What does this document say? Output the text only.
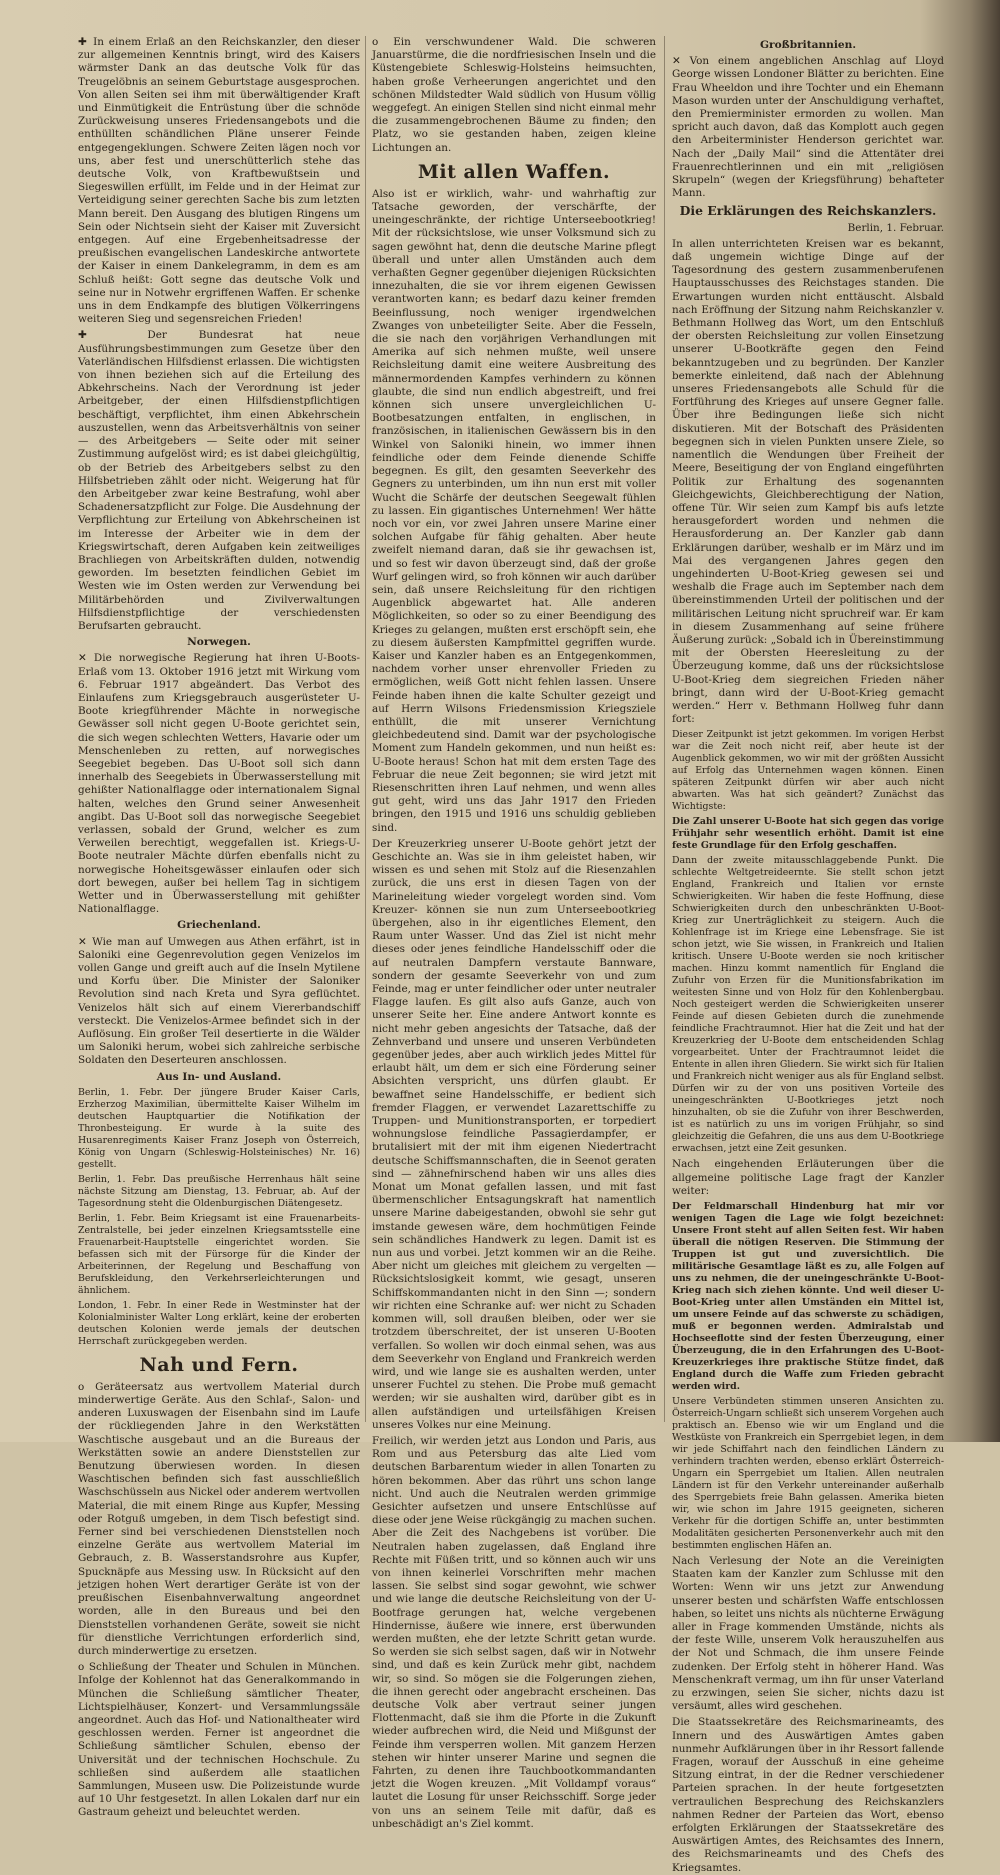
✚ In einem Erlaß an den Reichskanzler, den dieser zur allgemeinen Kenntnis bringt, wird des Kaisers wärmster Dank an das deutsche Volk für das Treugelöbnis an seinem Geburtstage ausgesprochen. Von allen Seiten sei ihm mit überwältigender Kraft und Einmütigkeit die Entrüstung über die schnöde Zurückweisung unseres Friedensangebots und die enthüllten schändlichen Pläne unserer Feinde entgegengeklungen. Schwere Zeiten lägen noch vor uns, aber fest und unerschütterlich stehe das deutsche Volk, von Kraftbewußtsein und Siegeswillen erfüllt, im Felde und in der Heimat zur Verteidigung seiner gerechten Sache bis zum letzten Mann bereit. Den Ausgang des blutigen Ringens um Sein oder Nichtsein sieht der Kaiser mit Zuversicht entgegen. Auf eine Ergebenheitsadresse der preußischen evangelischen Landeskirche antwortete der Kaiser in einem Dankelegramm, in dem es am Schluß heißt: Gott segne das deutsche Volk und seine nur in Notwehr ergriffenen Waffen. Er schenke uns in dem Endkampfe des blutigen Völkerringens weiteren Sieg und segensreichen Frieden!

✚ Der Bundesrat hat neue Ausführungsbestimmungen zum Gesetze über den Vaterländischen Hilfsdienst erlassen. Die wichtigsten von ihnen beziehen sich auf die Erteilung des Abkehrscheins. Nach der Verordnung ist jeder Arbeitgeber, der einen Hilfsdienstpflichtigen beschäftigt, verpflichtet, ihm einen Abkehrschein auszustellen, wenn das Arbeitsverhältnis von seiner — des Arbeitgebers — Seite oder mit seiner Zustimmung aufgelöst wird; es ist dabei gleichgültig, ob der Betrieb des Arbeitgebers selbst zu den Hilfsbetrieben zählt oder nicht. Weigerung hat für den Arbeitgeber zwar keine Bestrafung, wohl aber Schadenersatzpflicht zur Folge. Die Ausdehnung der Verpflichtung zur Erteilung von Abkehrscheinen ist im Interesse der Arbeiter wie in dem der Kriegswirtschaft, deren Aufgaben kein zeitweiliges Brachliegen von Arbeitskräften dulden, notwendig geworden. Im besetzten feindlichen Gebiet im Westen wie im Osten werden zur Verwendung bei Militärbehörden und Zivilverwaltungen Hilfsdienstpflichtige der verschiedensten Berufsarten gebraucht.

Norwegen.

✕ Die norwegische Regierung hat ihren U-Boots-Erlaß vom 13. Oktober 1916 jetzt mit Wirkung vom 6. Februar 1917 abgeändert. Das Verbot des Einlaufens zum Kriegsgebrauch ausgerüsteter U-Boote kriegführender Mächte in norwegische Gewässer soll nicht gegen U-Boote gerichtet sein, die sich wegen schlechten Wetters, Havarie oder um Menschenleben zu retten, auf norwegisches Seegebiet begeben. Das U-Boot soll sich dann innerhalb des Seegebiets in Überwasserstellung mit gehißter Nationalflagge oder internationalem Signal halten, welches den Grund seiner Anwesenheit angibt. Das U-Boot soll das norwegische Seegebiet verlassen, sobald der Grund, welcher es zum Verweilen berechtigt, weggefallen ist. Kriegs-U-Boote neutraler Mächte dürfen ebenfalls nicht zu norwegische Hoheitsgewässer einlaufen oder sich dort bewegen, außer bei hellem Tag in sichtigem Wetter und in Überwasserstellung mit gehißter Nationalflagge.

Griechenland.

✕ Wie man auf Umwegen aus Athen erfährt, ist in Saloniki eine Gegenrevolution gegen Venizelos im vollen Gange und greift auch auf die Inseln Mytilene und Korfu über. Die Minister der Saloniker Revolution sind nach Kreta und Syra geflüchtet. Venizelos hält sich auf einem Viererbandschiff versteckt. Die Venizelos-Armee befindet sich in der Auflösung. Ein großer Teil desertierte in die Wälder um Saloniki herum, wobei sich zahlreiche serbische Soldaten den Deserteuren anschlossen.

Aus In- und Ausland.

Berlin, 1. Febr. Der jüngere Bruder Kaiser Carls, Erzherzog Maximilian, übermittelte Kaiser Wilhelm im deutschen Hauptquartier die Notifikation der Thronbesteigung. Er wurde à la suite des Husarenregiments Kaiser Franz Joseph von Österreich, König von Ungarn (Schleswig-Holsteinisches) Nr. 16) gestellt.

Berlin, 1. Febr. Das preußische Herrenhaus hält seine nächste Sitzung am Dienstag, 13. Februar, ab. Auf der Tagesordnung steht die Oldenburgischen Diätengesetz.

Berlin, 1. Febr. Beim Kriegsamt ist eine Frauenarbeits-Zentralstelle, bei jeder einzelnen Kriegsamtsstelle eine Frauenarbeit-Hauptstelle eingerichtet worden. Sie befassen sich mit der Fürsorge für die Kinder der Arbeiterinnen, der Regelung und Beschaffung von Berufskleidung, den Verkehrserleichterungen und ähnlichem.

London, 1. Febr. In einer Rede in Westminster hat der Kolonialminister Walter Long erklärt, keine der eroberten deutschen Kolonien werde jemals der deutschen Herrschaft zurückgegeben werden.

Nah und Fern.

o Geräteersatz aus wertvollem Material durch minderwertige Geräte. Aus den Schlaf-, Salon- und anderen Luxuswagen der Eisenbahn sind im Laufe der rückliegenden Jahre in den Werkstätten Waschtische ausgebaut und an die Bureaus der Werkstätten sowie an andere Dienststellen zur Benutzung überwiesen worden. In diesen Waschtischen befinden sich fast ausschließlich Waschschüsseln aus Nickel oder anderem wertvollen Material, die mit einem Ringe aus Kupfer, Messing oder Rotguß umgeben, in dem Tisch befestigt sind. Ferner sind bei verschiedenen Dienststellen noch einzelne Geräte aus wertvollem Material im Gebrauch, z. B. Wasserstandsrohre aus Kupfer, Spucknäpfe aus Messing usw. In Rücksicht auf den jetzigen hohen Wert derartiger Geräte ist von der preußischen Eisenbahnverwaltung angeordnet worden, alle in den Bureaus und bei den Dienststellen vorhandenen Geräte, soweit sie nicht für dienstliche Verrichtungen erforderlich sind, durch minderwertige zu ersetzen.

o Schließung der Theater und Schulen in München. Infolge der Kohlennot hat das Generalkommando in München die Schließung sämtlicher Theater, Lichtspielhäuser, Konzert- und Versammlungssäle angeordnet. Auch das Hof- und Nationaltheater wird geschlossen werden. Ferner ist angeordnet die Schließung sämtlicher Schulen, ebenso der Universität und der technischen Hochschule. Zu schließen sind außerdem alle staatlichen Sammlungen, Museen usw. Die Polizeistunde wurde auf 10 Uhr festgesetzt. In allen Lokalen darf nur ein Gastraum geheizt und beleuchtet werden.

o Ein verschwundener Wald. Die schweren Januarstürme, die die nordfriesischen Inseln und die Küstengebiete Schleswig-Holsteins heimsuchten, haben große Verheerungen angerichtet und den schönen Mildstedter Wald südlich von Husum völlig weggefegt. An einigen Stellen sind nicht einmal mehr die zusammengebrochenen Bäume zu finden; den Platz, wo sie gestanden haben, zeigen kleine Lichtungen an.

Mit allen Waffen.

Also ist er wirklich, wahr- und wahrhaftig zur Tatsache geworden, der verschärfte, der uneingeschränkte, der richtige Unterseebootkrieg! Mit der rücksichtslose, wie unser Volksmund sich zu sagen gewöhnt hat, denn die deutsche Marine pflegt überall und unter allen Umständen auch dem verhaßten Gegner gegenüber diejenigen Rücksichten innezuhalten, die sie vor ihrem eigenen Gewissen verantworten kann; es bedarf dazu keiner fremden Beeinflussung, noch weniger irgendwelchen Zwanges von unbeteiligter Seite. Aber die Fesseln, die sie nach den vorjährigen Verhandlungen mit Amerika auf sich nehmen mußte, weil unsere Reichsleitung damit eine weitere Ausbreitung des männermordenden Kampfes verhindern zu können glaubte, die sind nun endlich abgestreift, und frei können sich unsere unvergleichlichen U-Bootbesatzungen entfalten, in englischen, in französischen, in italienischen Gewässern bis in den Winkel von Saloniki hinein, wo immer ihnen feindliche oder dem Feinde dienende Schiffe begegnen. Es gilt, den gesamten Seeverkehr des Gegners zu unterbinden, um ihn nun erst mit voller Wucht die Schärfe der deutschen Seegewalt fühlen zu lassen. Ein gigantisches Unternehmen! Wer hätte noch vor ein, vor zwei Jahren unsere Marine einer solchen Aufgabe für fähig gehalten. Aber heute zweifelt niemand daran, daß sie ihr gewachsen ist, und so fest wir davon überzeugt sind, daß der große Wurf gelingen wird, so froh können wir auch darüber sein, daß unsere Reichsleitung für den richtigen Augenblick abgewartet hat. Alle anderen Möglichkeiten, so oder so zu einer Beendigung des Krieges zu gelangen, mußten erst erschöpft sein, ehe zu diesem äußersten Kampfmittel gegriffen wurde. Kaiser und Kanzler haben es an Entgegenkommen, nachdem vorher unser ehrenvoller Frieden zu ermöglichen, weiß Gott nicht fehlen lassen. Unsere Feinde haben ihnen die kalte Schulter gezeigt und auf Herrn Wilsons Friedensmission Kriegsziele enthüllt, die mit unserer Vernichtung gleichbedeutend sind. Damit war der psychologische Moment zum Handeln gekommen, und nun heißt es: U-Boote heraus! Schon hat mit dem ersten Tage des Februar die neue Zeit begonnen; sie wird jetzt mit Riesenschritten ihren Lauf nehmen, und wenn alles gut geht, wird uns das Jahr 1917 den Frieden bringen, den 1915 und 1916 uns schuldig geblieben sind.

Der Kreuzerkrieg unserer U-Boote gehört jetzt der Geschichte an. Was sie in ihm geleistet haben, wir wissen es und sehen mit Stolz auf die Riesenzahlen zurück, die uns erst in diesen Tagen von der Marineleitung wieder vorgelegt worden sind. Vom Kreuzer- können sie nun zum Unterseebootkrieg übergehen, also in ihr eigentliches Element, den Raum unter Wasser. Und das Ziel ist nicht mehr dieses oder jenes feindliche Handelsschiff oder die auf neutralen Dampfern verstaute Bannware, sondern der gesamte Seeverkehr von und zum Feinde, mag er unter feindlicher oder unter neutraler Flagge laufen. Es gilt also aufs Ganze, auch von unserer Seite her. Eine andere Antwort konnte es nicht mehr geben angesichts der Tatsache, daß der Zehnverband und unsere und unseren Verbündeten gegenüber jedes, aber auch wirklich jedes Mittel für erlaubt hält, um dem er sich eine Förderung seiner Absichten verspricht, uns dürfen glaubt. Er bewaffnet seine Handelsschiffe, er bedient sich fremder Flaggen, er verwendet Lazarettschiffe zu Truppen- und Munitionstransporten, er torpediert wohnungslose feindliche Passagierdampfer, er brutalisiert mit der mit ihm eigenen Niedertracht deutsche Schiffsmannschaften, die in Seenot geraten sind — zähnefnirschend haben wir uns alles dies Monat um Monat gefallen lassen, und mit fast übermenschlicher Entsagungskraft hat namentlich unsere Marine dabeigestanden, obwohl sie sehr gut imstande gewesen wäre, dem hochmütigen Feinde sein schändliches Handwerk zu legen. Damit ist es nun aus und vorbei. Jetzt kommen wir an die Reihe. Aber nicht um gleiches mit gleichem zu vergelten — Rücksichtslosigkeit kommt, wie gesagt, unseren Schiffskommandanten nicht in den Sinn —; sondern wir richten eine Schranke auf: wer nicht zu Schaden kommen will, soll draußen bleiben, oder wer sie trotzdem überschreitet, der ist unseren U-Booten verfallen. So wollen wir doch einmal sehen, was aus dem Seeverkehr von England und Frankreich werden wird, und wie lange sie es aushalten werden, unter unserer Fuchtel zu stehen. Die Probe muß gemacht werden; wir sie aushalten wird, darüber gibt es in allen aufständigen und urteilsfähigen Kreisen unseres Volkes nur eine Meinung.

Freilich, wir werden jetzt aus London und Paris, aus Rom und aus Petersburg das alte Lied vom deutschen Barbarentum wieder in allen Tonarten zu hören bekommen. Aber das rührt uns schon lange nicht. Und auch die Neutralen werden grimmige Gesichter aufsetzen und unsere Entschlüsse auf diese oder jene Weise rückgängig zu machen suchen. Aber die Zeit des Nachgebens ist vorüber. Die Neutralen haben zugelassen, daß England ihre Rechte mit Füßen tritt, und so können auch wir uns von ihnen keinerlei Vorschriften mehr machen lassen. Sie selbst sind sogar gewohnt, wie schwer und wie lange die deutsche Reichsleitung von der U-Bootfrage gerungen hat, welche vergebenen Hindernisse, äußere wie innere, erst überwunden werden mußten, ehe der letzte Schritt getan wurde. So werden sie sich selbst sagen, daß wir in Notwehr sind, und daß es kein Zurück mehr gibt, nachdem wir, so sind. So mögen sie die Folgerungen ziehen, die ihnen gerecht oder angebracht erscheinen. Das deutsche Volk aber vertraut seiner jungen Flottenmacht, daß sie ihm die Pforte in die Zukunft wieder aufbrechen wird, die Neid und Mißgunst der Feinde ihm versperren wollen. Mit ganzem Herzen stehen wir hinter unserer Marine und segnen die Fahrten, zu denen ihre Tauchbootkommandanten jetzt die Wogen kreuzen. „Mit Volldampf voraus“ lautet die Losung für unser Reichsschiff. Sorge jeder von uns an seinem Teile mit dafür, daß es unbeschädigt an's Ziel kommt.

Großbritannien.

✕ Von einem angeblichen Anschlag auf Lloyd George wissen Londoner Blätter zu berichten. Eine Frau Wheeldon und ihre Tochter und ein Ehemann Mason wurden unter der Anschuldigung verhaftet, den Premierminister ermorden zu wollen. Man spricht auch davon, daß das Komplott auch gegen den Arbeiterminister Henderson gerichtet war. Nach der „Daily Mail“ sind die Attentäter drei Frauenrechtlerinnen und ein mit „religiösen Skrupeln“ (wegen der Kriegsführung) behafteter Mann.

Die Erklärungen des Reichskanzlers.

Berlin, 1. Februar.

In allen unterrichteten Kreisen war es bekannt, daß ungemein wichtige Dinge auf der Tagesordnung des gestern zusammenberufenen Hauptausschusses des Reichstages standen. Die Erwartungen wurden nicht enttäuscht. Alsbald nach Eröffnung der Sitzung nahm Reichskanzler v. Bethmann Hollweg das Wort, um den Entschluß der obersten Reichsleitung zur vollen Einsetzung unserer U-Bootkräfte gegen den Feind bekanntzugeben und zu begründen. Der Kanzler bemerkte einleitend, daß nach der Ablehnung unseres Friedensangebots alle Schuld für die Fortführung des Krieges auf unsere Gegner falle. Über ihre Bedingungen ließe sich nicht diskutieren. Mit der Botschaft des Präsidenten begegnen sich in vielen Punkten unsere Ziele, so namentlich die Wendungen über Freiheit der Meere, Beseitigung der von England eingeführten Politik zur Erhaltung des sogenannten Gleichgewichts, Gleichberechtigung der Nation, offene Tür. Wir seien zum Kampf bis aufs letzte herausgefordert worden und nehmen die Herausforderung an. Der Kanzler gab dann Erklärungen darüber, weshalb er im März und im Mai des vergangenen Jahres gegen den ungehinderten U-Boot-Krieg gewesen sei und weshalb die Frage auch im September nach dem übereinstimmenden Urteil der politischen und der militärischen Leitung nicht spruchreif war. Er kam in diesem Zusammenhang auf seine frühere Äußerung zurück: „Sobald ich in Übereinstimmung mit der Obersten Heeresleitung zu der Überzeugung komme, daß uns der rücksichtslose U-Boot-Krieg dem siegreichen Frieden näher bringt, dann wird der U-Boot-Krieg gemacht werden.“ Herr v. Bethmann Hollweg fuhr dann fort:

Dieser Zeitpunkt ist jetzt gekommen. Im vorigen Herbst war die Zeit noch nicht reif, aber heute ist der Augenblick gekommen, wo wir mit der größten Aussicht auf Erfolg das Unternehmen wagen können. Einen späteren Zeitpunkt dürfen wir aber auch nicht abwarten. Was hat sich geändert? Zunächst das Wichtigste:

Die Zahl unserer U-Boote hat sich gegen das vorige Frühjahr sehr wesentlich erhöht. Damit ist eine feste Grundlage für den Erfolg geschaffen.

Dann der zweite mitausschlaggebende Punkt. Die schlechte Weltgetreideernte. Sie stellt schon jetzt England, Frankreich und Italien vor ernste Schwierigkeiten. Wir haben die feste Hoffnung, diese Schwierigkeiten durch den unbeschränkten U-Boot-Krieg zur Unerträglichkeit zu steigern. Auch die Kohlenfrage ist im Kriege eine Lebensfrage. Sie ist schon jetzt, wie Sie wissen, in Frankreich und Italien kritisch. Unsere U-Boote werden sie noch kritischer machen. Hinzu kommt namentlich für England die Zufuhr von Erzen für die Munitionsfabrikation im weitesten Sinne und von Holz für den Kohlenbergbau. Noch gesteigert werden die Schwierigkeiten unserer Feinde auf diesen Gebieten durch die zunehmende feindliche Frachtraumnot. Hier hat die Zeit und hat der Kreuzerkrieg der U-Boote dem entscheidenden Schlag vorgearbeitet. Unter der Frachtraumnot leidet die Entente in allen ihren Gliedern. Sie wirkt sich für Italien und Frankreich nicht weniger aus als für England selbst. Dürfen wir zu der von uns positiven Vorteile des uneingeschränkten U-Bootkrieges jetzt noch hinzuhalten, ob sie die Zufuhr von ihrer Beschwerden, ist es natürlich zu uns im vorigen Frühjahr, so sind gleichzeitig die Gefahren, die uns aus dem U-Bootkriege erwachsen, jetzt eine Zeit gesunken.

Nach eingehenden Erläuterungen über die allgemeine politische Lage fragt der Kanzler weiter:

Der Feldmarschall Hindenburg hat mir vor wenigen Tagen die Lage wie folgt bezeichnet: Unsere Front steht auf allen Seiten fest. Wir haben überall die nötigen Reserven. Die Stimmung der Truppen ist gut und zuversichtlich. Die militärische Gesamtlage läßt es zu, alle Folgen auf uns zu nehmen, die der uneingeschränkte U-Boot-Krieg nach sich ziehen könnte. Und weil dieser U-Boot-Krieg unter allen Umständen ein Mittel ist, um unsere Feinde auf das schwerste zu schädigen, muß er begonnen werden. Admiralstab und Hochseeflotte sind der festen Überzeugung, einer Überzeugung, die in den Erfahrungen des U-Boot-Kreuzerkrieges ihre praktische Stütze findet, daß England durch die Waffe zum Frieden gebracht werden wird.

Unsere Verbündeten stimmen unseren Ansichten zu. Österreich-Ungarn schließt sich unserem Vorgehen auch praktisch an. Ebenso wie wir um England und die Westküste von Frankreich ein Sperrgebiet legen, in dem wir jede Schiffahrt nach den feindlichen Ländern zu verhindern trachten werden, ebenso erklärt Österreich-Ungarn ein Sperrgebiet um Italien. Allen neutralen Ländern ist für den Verkehr untereinander außerhalb des Sperrgebiets freie Bahn gelassen. Amerika bieten wir, wie schon im Jahre 1915 geeigneten, sicheren Verkehr für die dortigen Schiffe an, unter bestimmten Modalitäten gesicherten Personenverkehr auch mit den bestimmten englischen Häfen an.

Nach Verlesung der Note an die Vereinigten Staaten kam der Kanzler zum Schlusse mit den Worten: Wenn wir uns jetzt zur Anwendung unserer besten und schärfsten Waffe entschlossen haben, so leitet uns nichts als nüchterne Erwägung aller in Frage kommenden Umstände, nichts als der feste Wille, unserem Volk herauszuhelfen aus der Not und Schmach, die ihm unsere Feinde zudenken. Der Erfolg steht in höherer Hand. Was Menschenkraft vermag, um ihn für unser Vaterland zu erzwingen, seien Sie sicher, nichts dazu ist versäumt, alles wird geschehen.

Die Staatssekretäre des Reichsmarineamts, des Innern und des Auswärtigen Amtes gaben nunmehr Aufklärungen über in ihr Ressort fallende Fragen, worauf der Ausschuß in eine geheime Sitzung eintrat, in der die Redner verschiedener Parteien sprachen. In der heute fortgesetzten vertraulichen Besprechung des Reichskanzlers nahmen Redner der Parteien das Wort, ebenso erfolgten Erklärungen der Staatssekretäre des Auswärtigen Amtes, des Reichsamtes des Innern, des Reichsmarineamts und des Chefs des Kriegsamtes.
